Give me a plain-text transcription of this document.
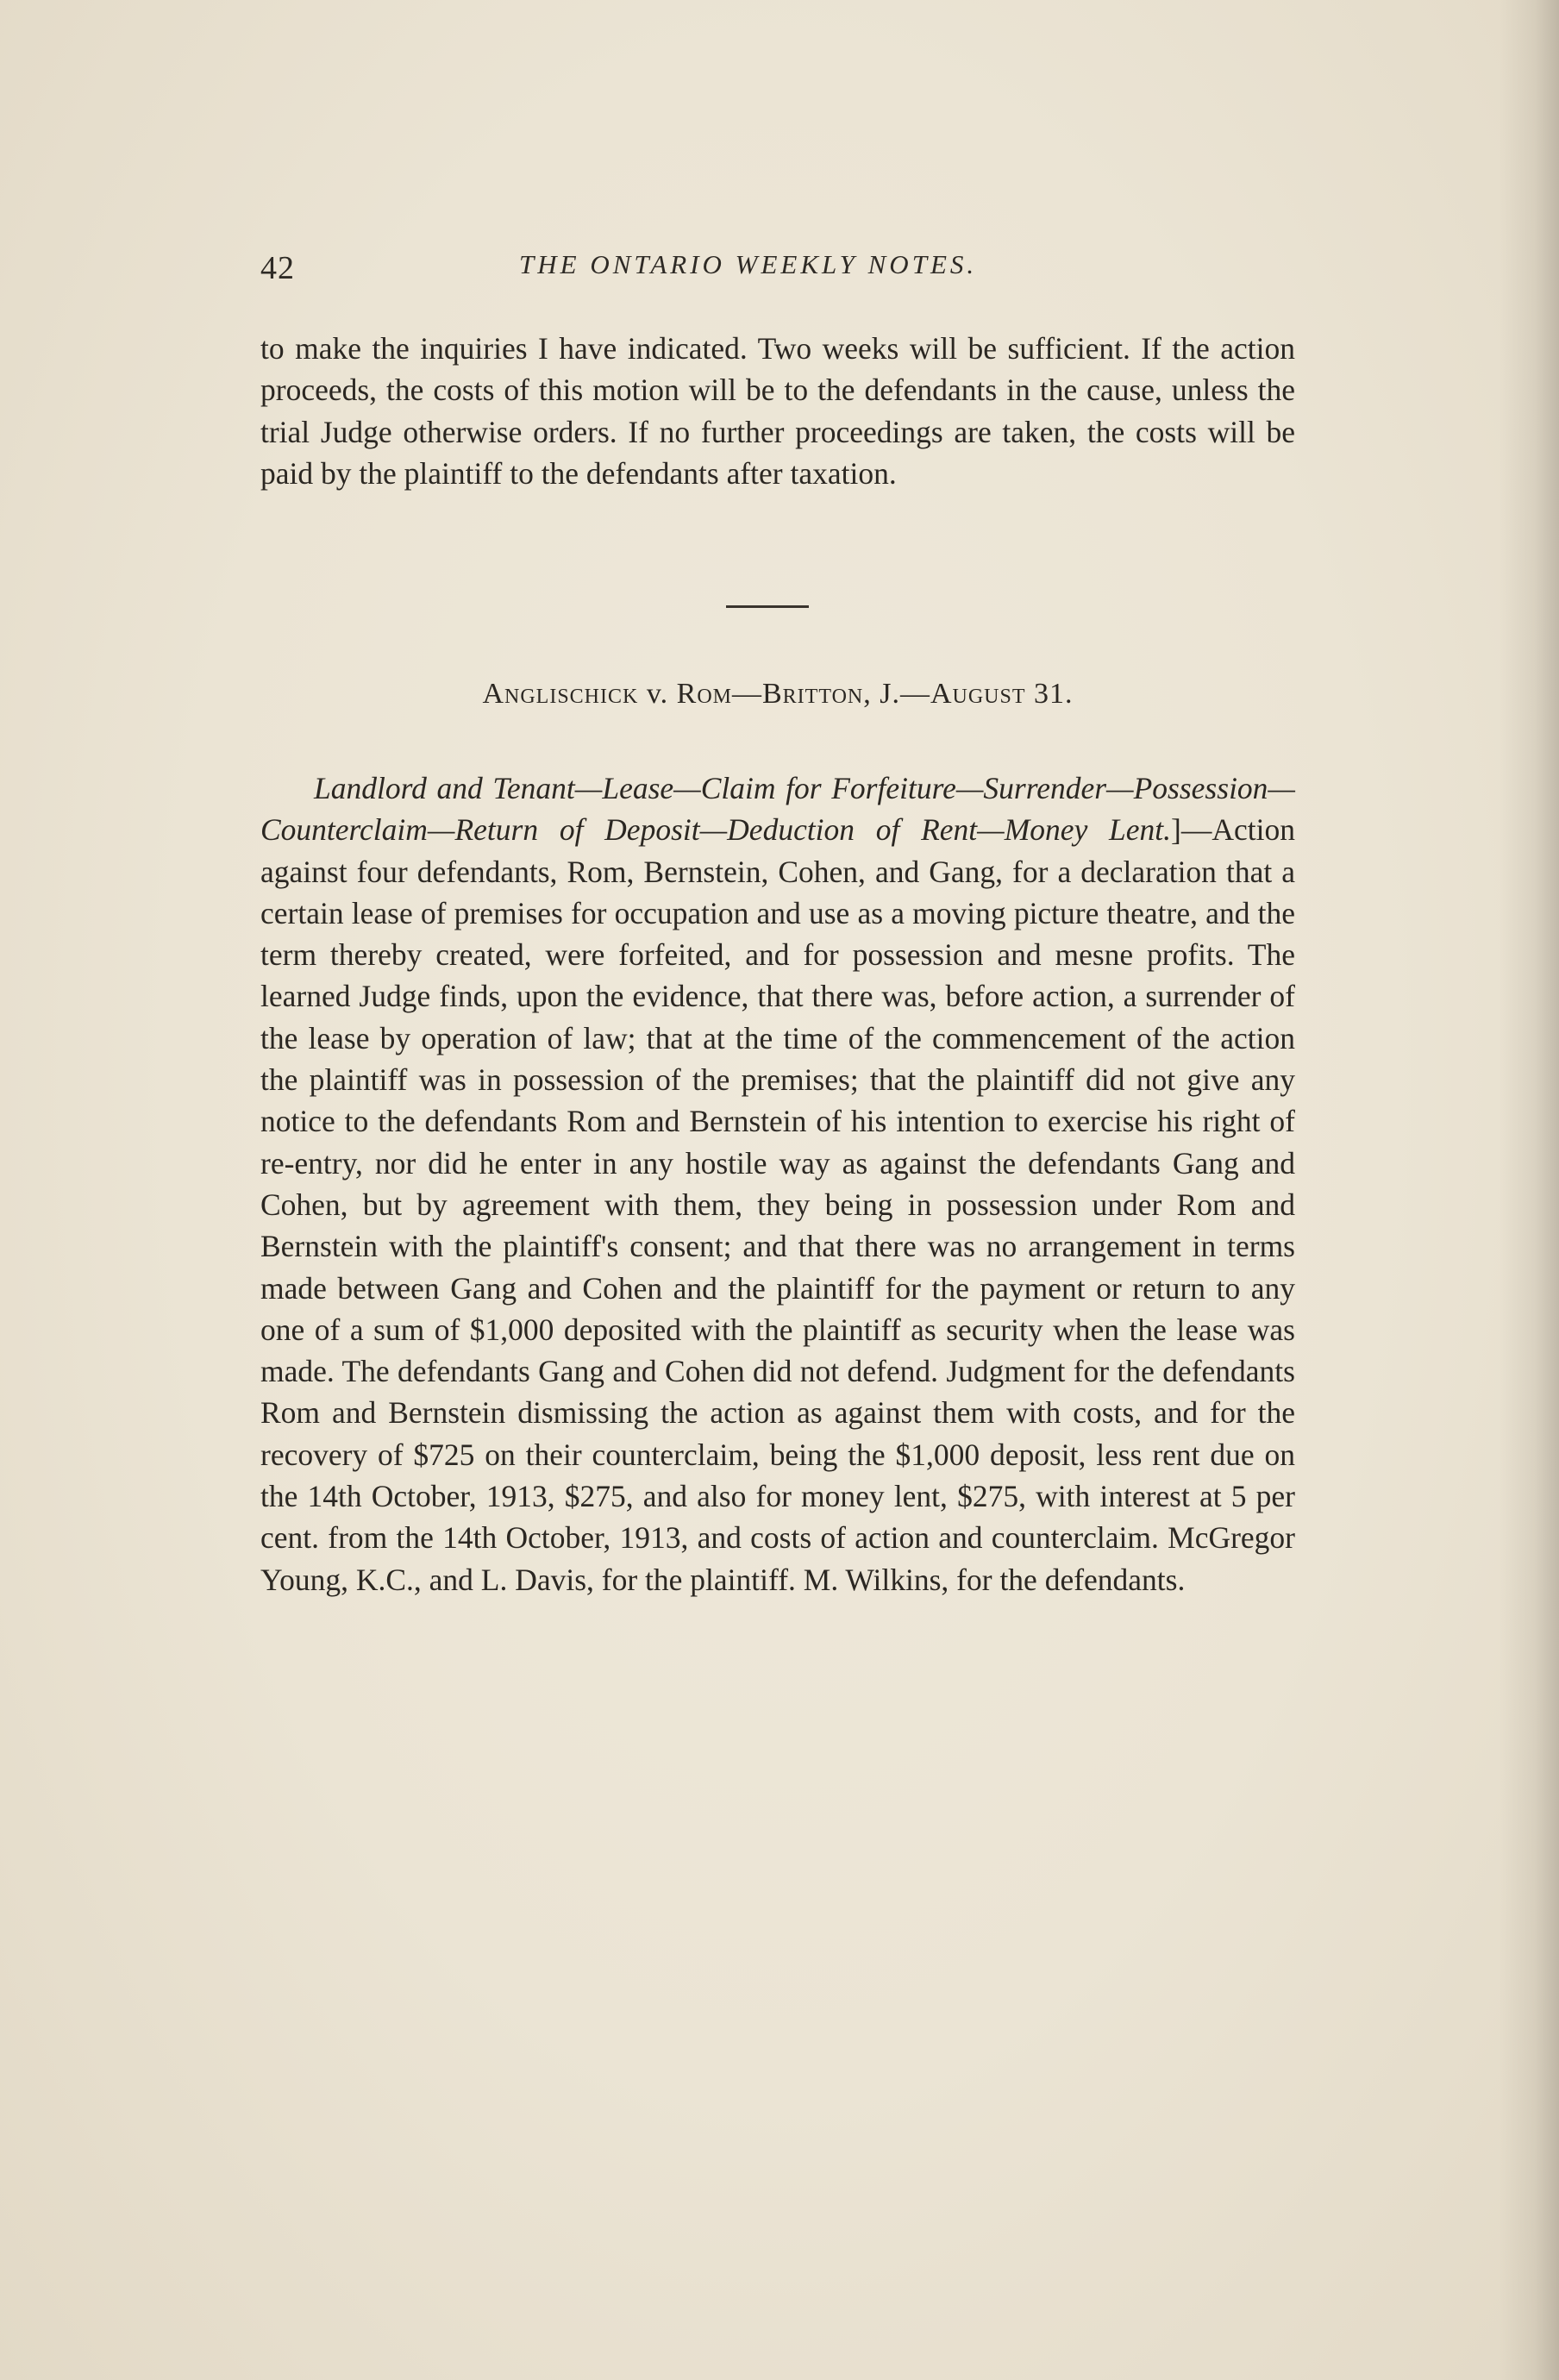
42	THE ONTARIO WEEKLY NOTES.

to make the inquiries I have indicated. Two weeks will be sufficient. If the action proceeds, the costs of this motion will be to the defendants in the cause, unless the trial Judge otherwise orders. If no further proceedings are taken, the costs will be paid by the plaintiff to the defendants after taxation.

Anglischick v. Rom—Britton, J.—August 31.

Landlord and Tenant—Lease—Claim for Forfeiture—Surrender—Possession—Counterclaim—Return of Deposit—Deduction of Rent—Money Lent.]—Action against four defendants, Rom, Bernstein, Cohen, and Gang, for a declaration that a certain lease of premises for occupation and use as a moving picture theatre, and the term thereby created, were forfeited, and for possession and mesne profits. The learned Judge finds, upon the evidence, that there was, before action, a surrender of the lease by operation of law; that at the time of the commencement of the action the plaintiff was in possession of the premises; that the plaintiff did not give any notice to the defendants Rom and Bernstein of his intention to exercise his right of re-entry, nor did he enter in any hostile way as against the defendants Gang and Cohen, but by agreement with them, they being in possession under Rom and Bernstein with the plaintiff's consent; and that there was no arrangement in terms made between Gang and Cohen and the plaintiff for the payment or return to any one of a sum of $1,000 deposited with the plaintiff as security when the lease was made. The defendants Gang and Cohen did not defend. Judgment for the defendants Rom and Bernstein dismissing the action as against them with costs, and for the recovery of $725 on their counterclaim, being the $1,000 deposit, less rent due on the 14th October, 1913, $275, and also for money lent, $275, with interest at 5 per cent. from the 14th October, 1913, and costs of action and counterclaim. McGregor Young, K.C., and L. Davis, for the plaintiff. M. Wilkins, for the defendants.
